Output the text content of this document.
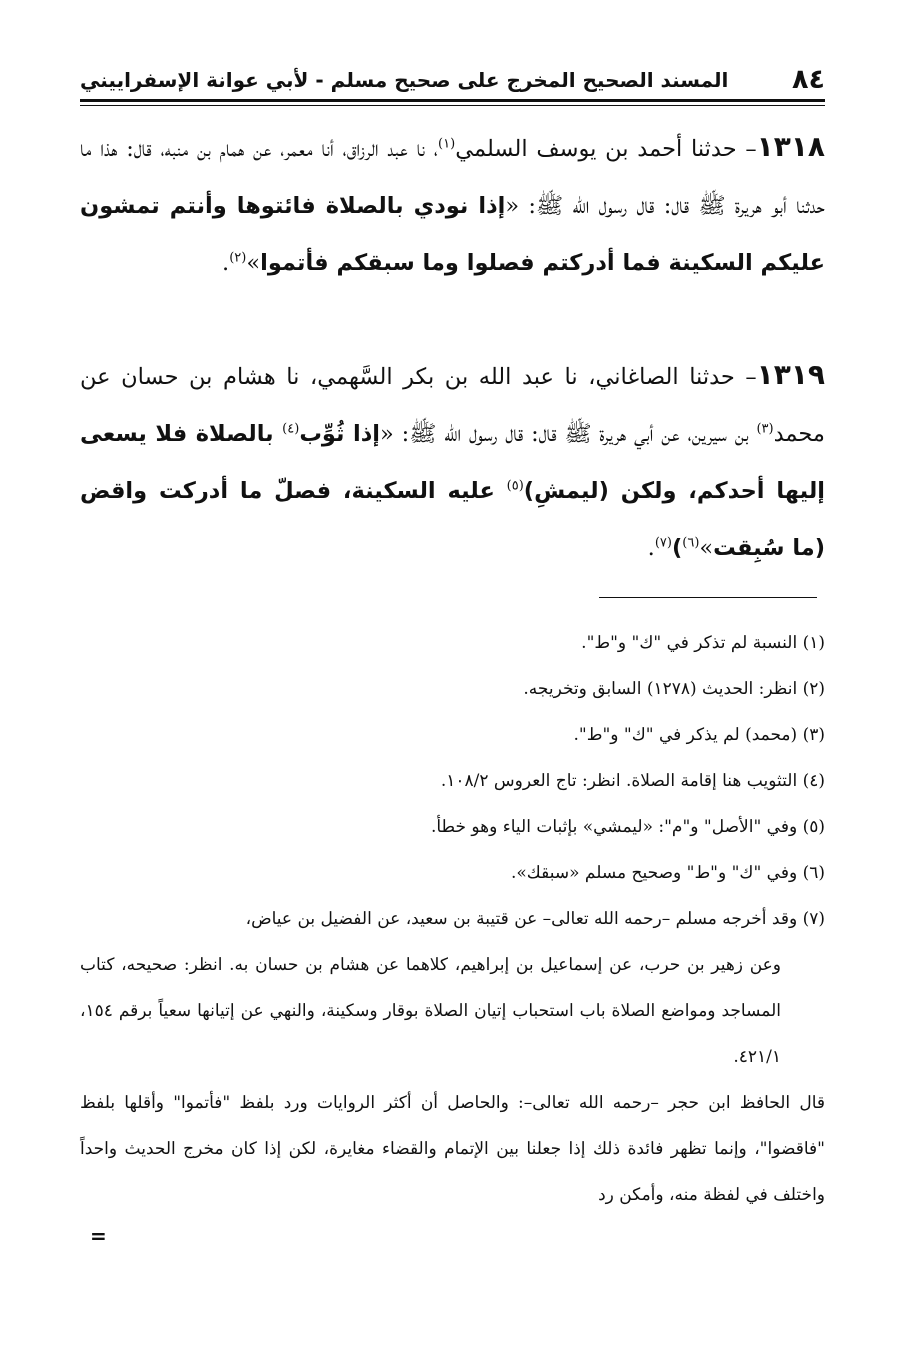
٨٤
المسند الصحيح المخرج على صحيح مسلم - لأبي عوانة الإسفراييني

١٣١٨– حدثنا أحمد بن يوسف السلمي$^{(١)}$، نا عبد الرزاق، أنا معمر، عن همام بن منبه، قال: هذا ما حدثنا أبو هريرة ﷺ قال: قال رسول الله ﷺ: «إذا نودي بالصلاة فائتوها وأنتم تمشون عليكم السكينة فما أدركتم فصلوا وما سبقكم فأتموا»$^{(٢)}$.

١٣١٩– حدثنا الصاغاني، نا عبد الله بن بكر السَّهمي، نا هشام بن حسان عن محمد$^{(٣)}$ بن سيرين، عن أبي هريرة ﷺ قال: قال رسول الله ﷺ: «إذا ثُوِّب$^{(٤)}$ بالصلاة فلا يسعى إليها أحدكم، ولكن (ليمشِ)$^{(٥)}$ عليه السكينة، فصلّ ما أدركت واقض (ما سُبِقت»$^{(٦)}$)$^{(٧)}$.

(١) النسبة لم تذكر في "ك" و"ط".

(٢) انظر: الحديث (١٢٧٨) السابق وتخريجه.

(٣) (محمد) لم يذكر في "ك" و"ط".

(٤) التثويب هنا إقامة الصلاة. انظر: تاج العروس ١٠٨/٢.

(٥) وفي "الأصل" و"م": «ليمشي» بإثبات الياء وهو خطأ.

(٦) وفي "ك" و"ط" وصحيح مسلم «سبقك».

(٧) وقد أخرجه مسلم –رحمه الله تعالى– عن قتيبة بن سعيد، عن الفضيل بن عياض،
وعن زهير بن حرب، عن إسماعيل بن إبراهيم، كلاهما عن هشام بن حسان به. انظر: صحيحه، كتاب المساجد ومواضع الصلاة باب استحباب إتيان الصلاة بوقار وسكينة، والنهي عن إتيانها سعياً برقم ١٥٤، ٤٢١/١.
قال الحافظ ابن حجر –رحمه الله تعالى–: والحاصل أن أكثر الروايات ورد بلفظ "فأتموا" وأقلها بلفظ "فاقضوا"، وإنما تظهر فائدة ذلك إذا جعلنا بين الإتمام والقضاء مغايرة، لكن إذا كان مخرج الحديث واحداً واختلف في لفظة منه، وأمكن رد
=
